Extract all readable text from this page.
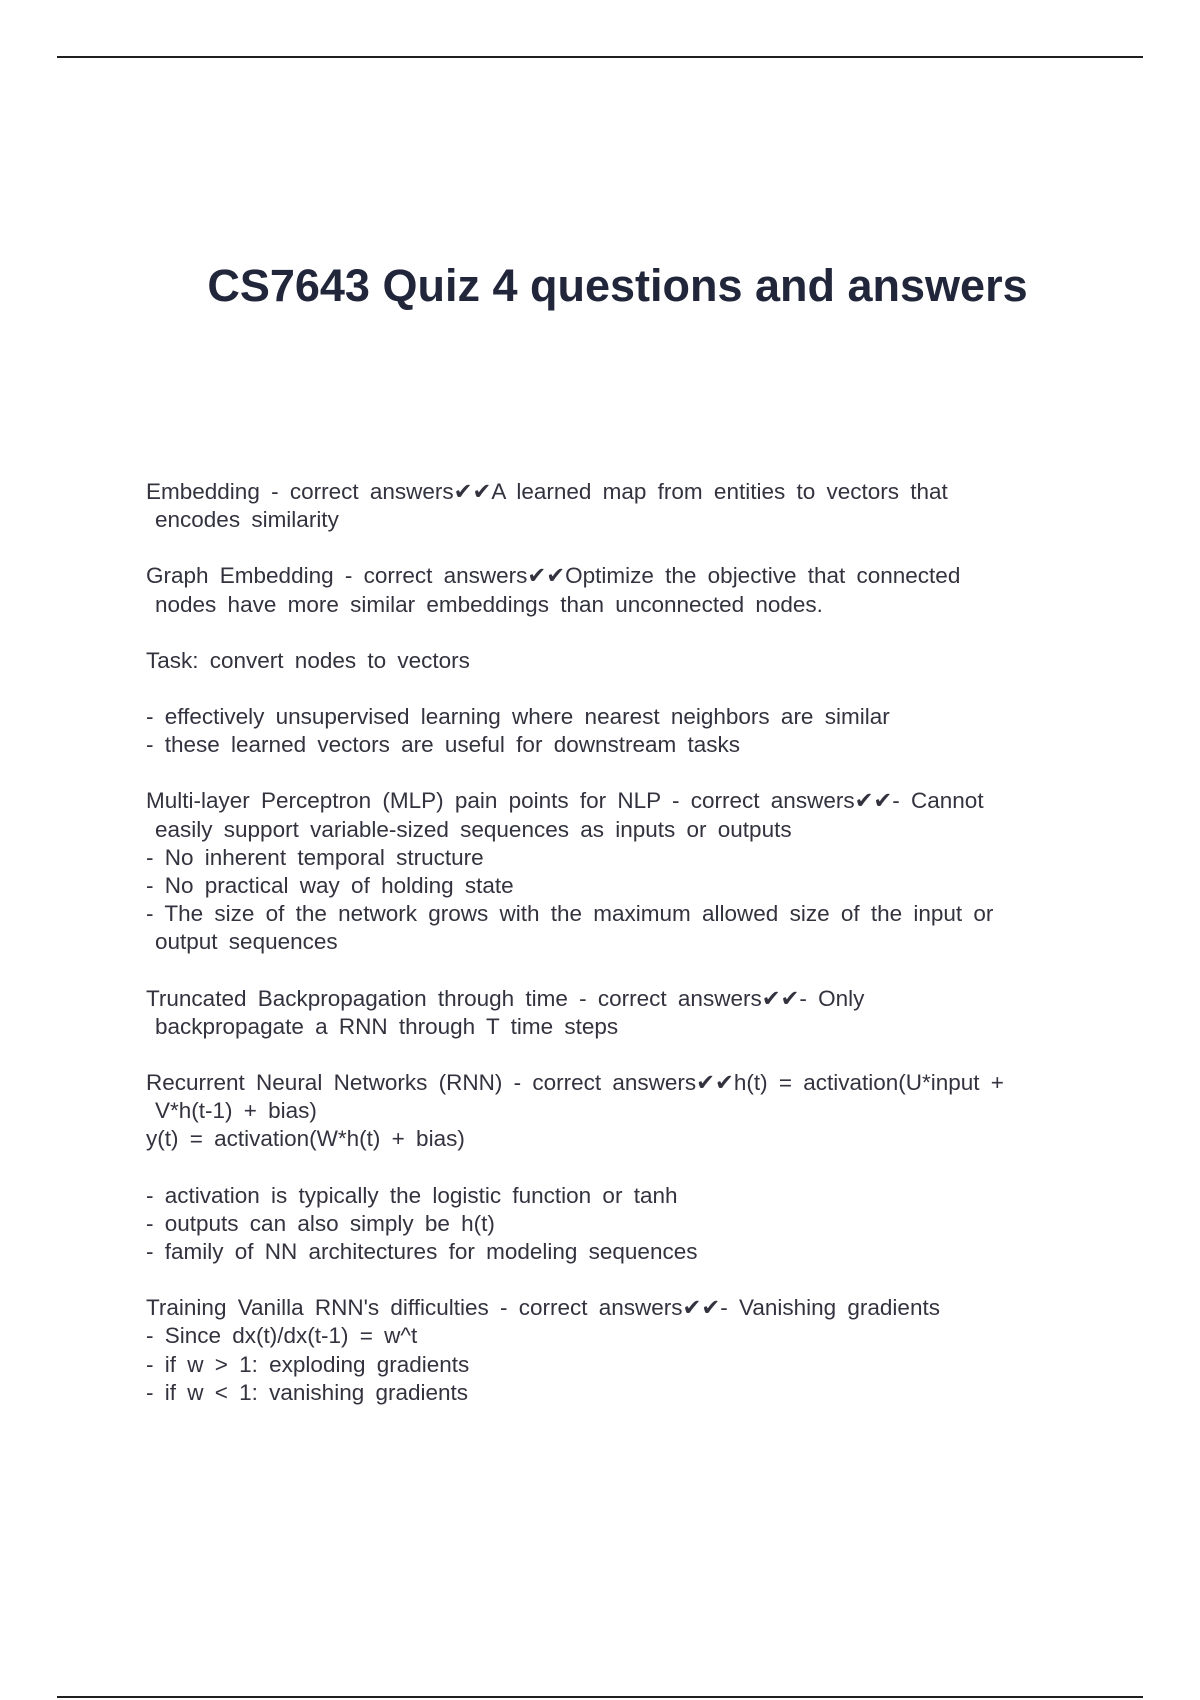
CS7643 Quiz 4 questions and answers
Embedding - correct answers✔✔A learned map from entities to vectors that
encodes similarity
Graph Embedding - correct answers✔✔Optimize the objective that connected
nodes have more similar embeddings than unconnected nodes.
Task: convert nodes to vectors
- effectively unsupervised learning where nearest neighbors are similar
- these learned vectors are useful for downstream tasks
Multi-layer Perceptron (MLP) pain points for NLP - correct answers✔✔- Cannot
easily support variable-sized sequences as inputs or outputs
- No inherent temporal structure
- No practical way of holding state
- The size of the network grows with the maximum allowed size of the input or
output sequences
Truncated Backpropagation through time - correct answers✔✔- Only
backpropagate a RNN through T time steps
Recurrent Neural Networks (RNN) - correct answers✔✔h(t) = activation(U*input +
V*h(t-1) + bias)
y(t) = activation(W*h(t) + bias)
- activation is typically the logistic function or tanh
- outputs can also simply be h(t)
- family of NN architectures for modeling sequences
Training Vanilla RNN's difficulties - correct answers✔✔- Vanishing gradients
- Since dx(t)/dx(t-1) = w^t
- if w > 1: exploding gradients
- if w < 1: vanishing gradients
